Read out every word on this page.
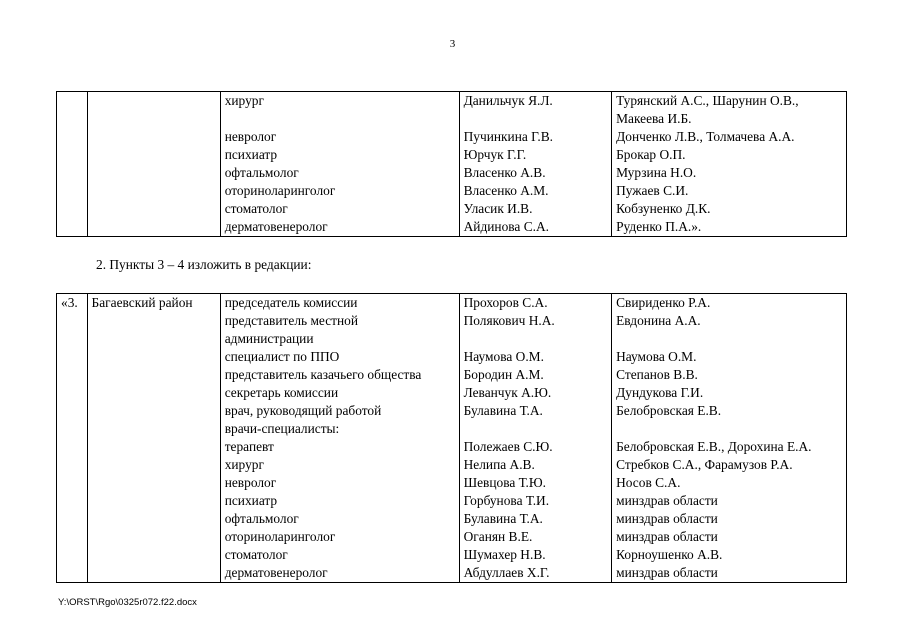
3
		хирург	Данильчук Я.Л.	Турянский А.С., Шарунин О.В.,
				Макеева И.Б.
		невролог	Пучинкина Г.В.	Донченко Л.В., Толмачева А.А.
		психиатр	Юрчук Г.Г.	Брокар О.П.
		офтальмолог	Власенко А.В.	Мурзина Н.О.
		оториноларинголог	Власенко А.М.	Пужаев С.И.
		стоматолог	Уласик И.В.	Кобзуненко Д.К.
		дерматовенеролог	Айдинова С.А.	Руденко П.А.».
2. Пункты 3 – 4 изложить в редакции:
«3.	Багаевский район	председатель комиссии	Прохоров С.А.	Свириденко Р.А.
		представитель местной	Полякович Н.А.	Евдонина А.А.
		администрации		
		специалист по ППО	Наумова О.М.	Наумова О.М.
		представитель казачьего общества	Бородин А.М.	Степанов В.В.
		секретарь комиссии	Леванчук А.Ю.	Дундукова Г.И.
		врач, руководящий работой	Булавина Т.А.	Белобровская Е.В.
		врачи-специалисты:		
		терапевт	Полежаев С.Ю.	Белобровская Е.В., Дорохина Е.А.
		хирург	Нелипа А.В.	Стребков С.А., Фарамузов Р.А.
		невролог	Шевцова Т.Ю.	Носов С.А.
		психиатр	Горбунова Т.И.	минздрав области
		офтальмолог	Булавина Т.А.	минздрав области
		оториноларинголог	Оганян В.Е.	минздрав области
		стоматолог	Шумахер Н.В.	Корноушенко А.В.
		дерматовенеролог	Абдуллаев Х.Г.	минздрав области
Y:\ORST\Rgo\0325r072.f22.docx
